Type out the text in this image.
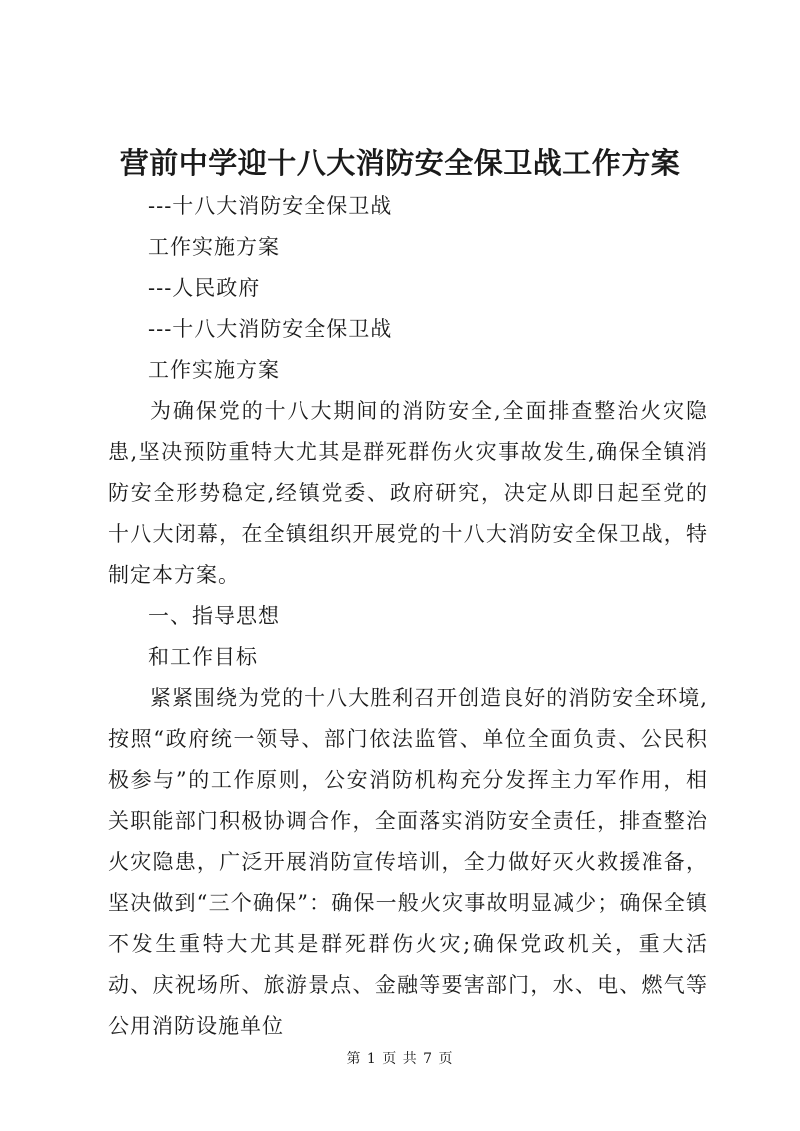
营前中学迎十八大消防安全保卫战工作方案
---十八大消防安全保卫战
工作实施方案
---人民政府
---十八大消防安全保卫战
工作实施方案

为确保党的十八大期间的消防安全,全面排查整治火灾隐患,坚决预防重特大尤其是群死群伤火灾事故发生,确保全镇消防安全形势稳定,经镇党委、政府研究，决定从即日起至党的十八大闭幕，在全镇组织开展党的十八大消防安全保卫战，特制定本方案。

一、指导思想
和工作目标

紧紧围绕为党的十八大胜利召开创造良好的消防安全环境,按照“政府统一领导、部门依法监管、单位全面负责、公民积极参与”的工作原则，公安消防机构充分发挥主力军作用，相关职能部门积极协调合作，全面落实消防安全责任，排查整治火灾隐患，广泛开展消防宣传培训，全力做好灭火救援准备，坚决做到“三个确保”：确保一般火灾事故明显减少；确保全镇不发生重特大尤其是群死群伤火灾;确保党政机关，重大活动、庆祝场所、旅游景点、金融等要害部门，水、电、燃气等公用消防设施单位

第 1 页 共 7 页
